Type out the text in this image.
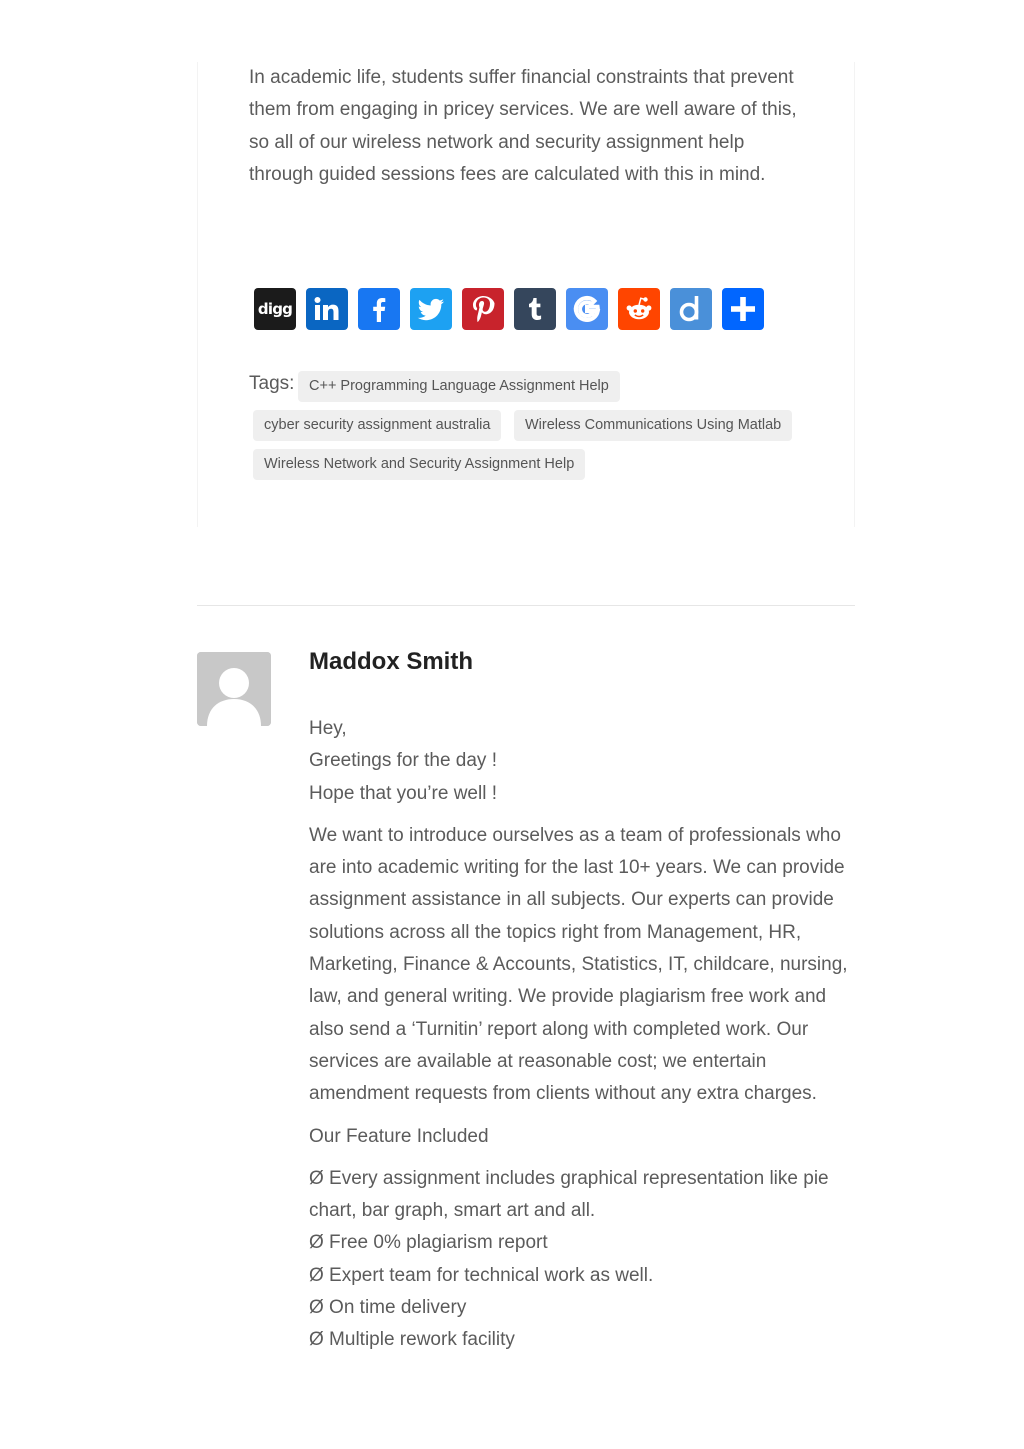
In academic life, students suffer financial constraints that prevent them from engaging in pricey services. We are well aware of this, so all of our wireless network and security assignment help through guided sessions fees are calculated with this in mind.

digg
Tags:	C++ Programming Language Assignment Help
cyber security assignment australia	Wireless Communications Using Matlab
Wireless Network and Security Assignment Help
Maddox Smith

Hey,

Greetings for the day !

Hope that you’re well !

We want to introduce ourselves as a team of professionals who are into academic writing for the last 10+ years. We can provide assignment assistance in all subjects. Our experts can provide solutions across all the topics right from Management, HR, Marketing, Finance & Accounts, Statistics, IT, childcare, nursing, law, and general writing. We provide plagiarism free work and also send a ‘Turnitin’ report along with completed work. Our services are available at reasonable cost; we entertain amendment requests from clients without any extra charges.

Our Feature Included

Ø Every assignment includes graphical representation like pie chart, bar graph, smart art and all.

Ø Free 0% plagiarism report

Ø Expert team for technical work as well.

Ø On time delivery

Ø Multiple rework facility
